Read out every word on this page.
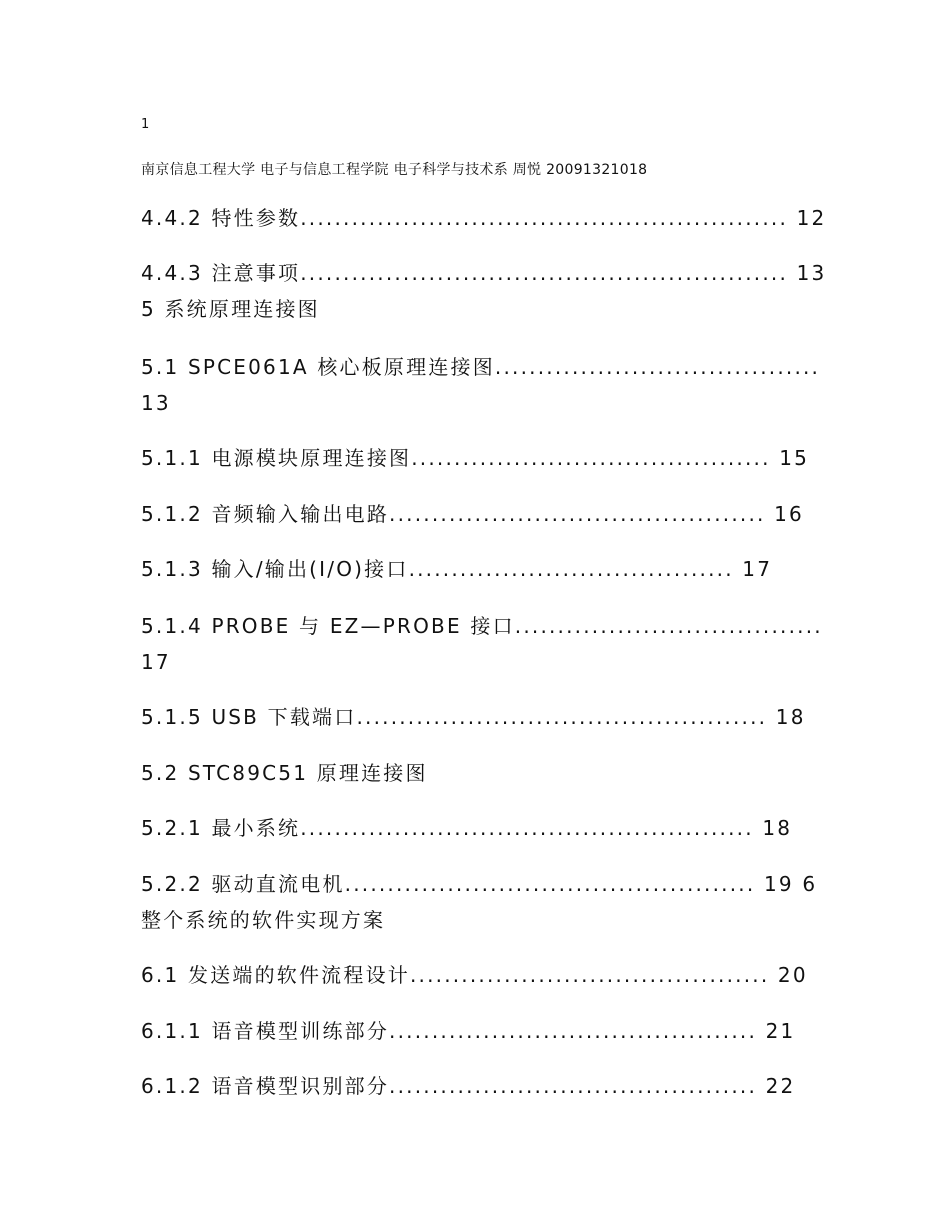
1
南京信息工程大学 电子与信息工程学院 电子科学与技术系 周悦 20091321018
4.4.2 特性参数......................................................... 12
4.4.3 注意事项......................................................... 13 5 系统原理连接图
5.1 SPCE061A 核心板原理连接图...................................... 13
5.1.1 电源模块原理连接图.......................................... 15
5.1.2 音频输入输出电路............................................ 16
5.1.3 输入/输出(I/O)接口...................................... 17
5.1.4 PROBE 与 EZ—PROBE 接口.................................... 17
5.1.5 USB 下载端口................................................ 18
5.2 STC89C51 原理连接图
5.2.1 最小系统..................................................... 18
5.2.2 驱动直流电机................................................ 19 6 整个系统的软件实现方案
6.1 发送端的软件流程设计.......................................... 20
6.1.1 语音模型训练部分........................................... 21
6.1.2 语音模型识别部分........................................... 22
